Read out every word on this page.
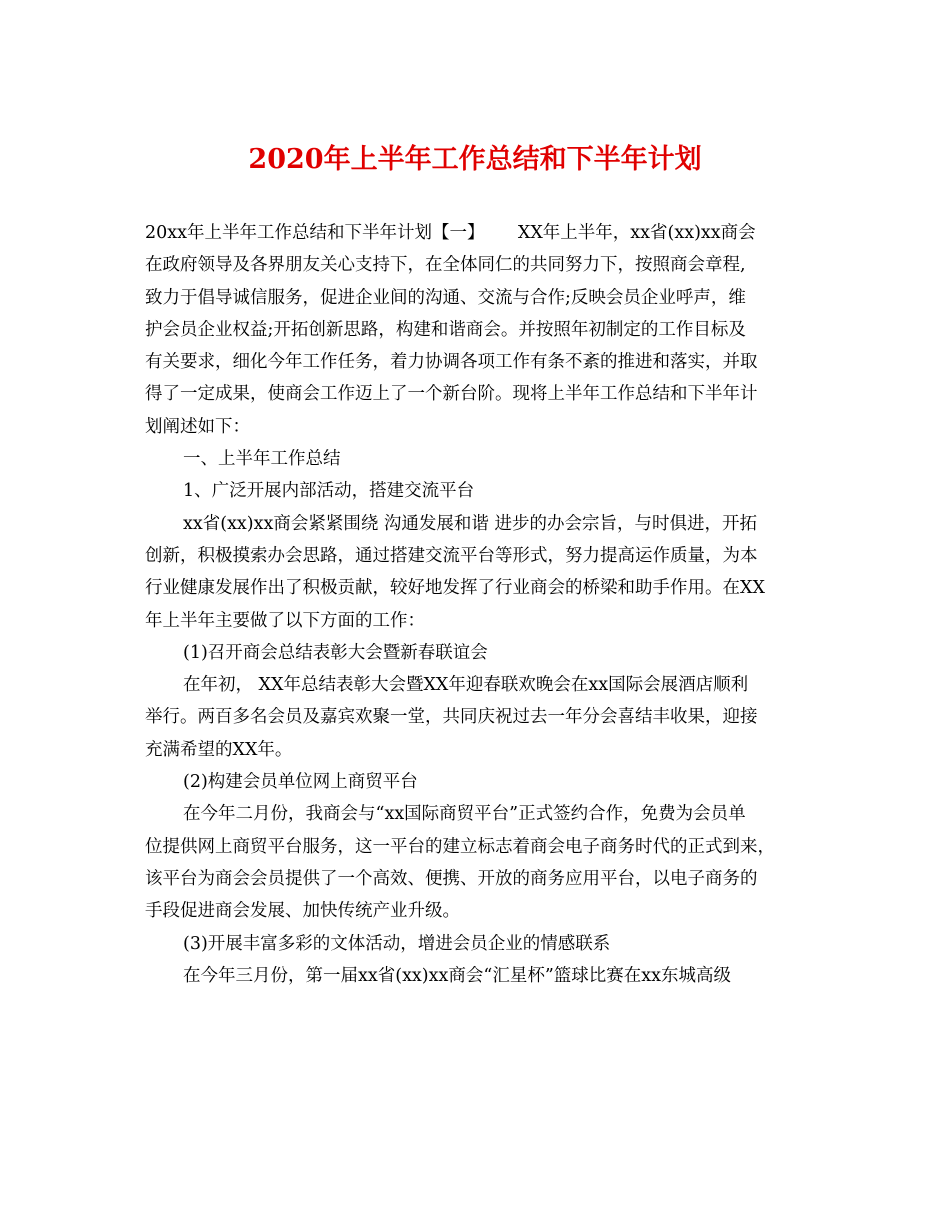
2020年上半年工作总结和下半年计划
20xx年上半年工作总结和下半年计划【一】      XX年上半年，xx省(xx)xx商会
在政府领导及各界朋友关心支持下，在全体同仁的共同努力下，按照商会章程,
致力于倡导诚信服务，促进企业间的沟通、交流与合作;反映会员企业呼声，维
护会员企业权益;开拓创新思路，构建和谐商会。并按照年初制定的工作目标及
有关要求，细化今年工作任务，着力协调各项工作有条不紊的推进和落实，并取
得了一定成果，使商会工作迈上了一个新台阶。现将上半年工作总结和下半年计
划阐述如下：
一、上半年工作总结
1、广泛开展内部活动，搭建交流平台
xx省(xx)xx商会紧紧围绕 沟通发展和谐 进步的办会宗旨，与时俱进，开拓
创新，积极摸索办会思路，通过搭建交流平台等形式，努力提高运作质量，为本
行业健康发展作出了积极贡献，较好地发挥了行业商会的桥梁和助手作用。在XX
年上半年主要做了以下方面的工作：
(1)召开商会总结表彰大会暨新春联谊会
在年初， XX年总结表彰大会暨XX年迎春联欢晚会在xx国际会展酒店顺利
举行。两百多名会员及嘉宾欢聚一堂，共同庆祝过去一年分会喜结丰收果，迎接
充满希望的XX年。
(2)构建会员单位网上商贸平台
在今年二月份，我商会与“xx国际商贸平台”正式签约合作，免费为会员单
位提供网上商贸平台服务，这一平台的建立标志着商会电子商务时代的正式到来，
该平台为商会会员提供了一个高效、便携、开放的商务应用平台，以电子商务的
手段促进商会发展、加快传统产业升级。
(3)开展丰富多彩的文体活动，增进会员企业的情感联系
在今年三月份，第一届xx省(xx)xx商会“汇星杯”篮球比赛在xx东城高级
